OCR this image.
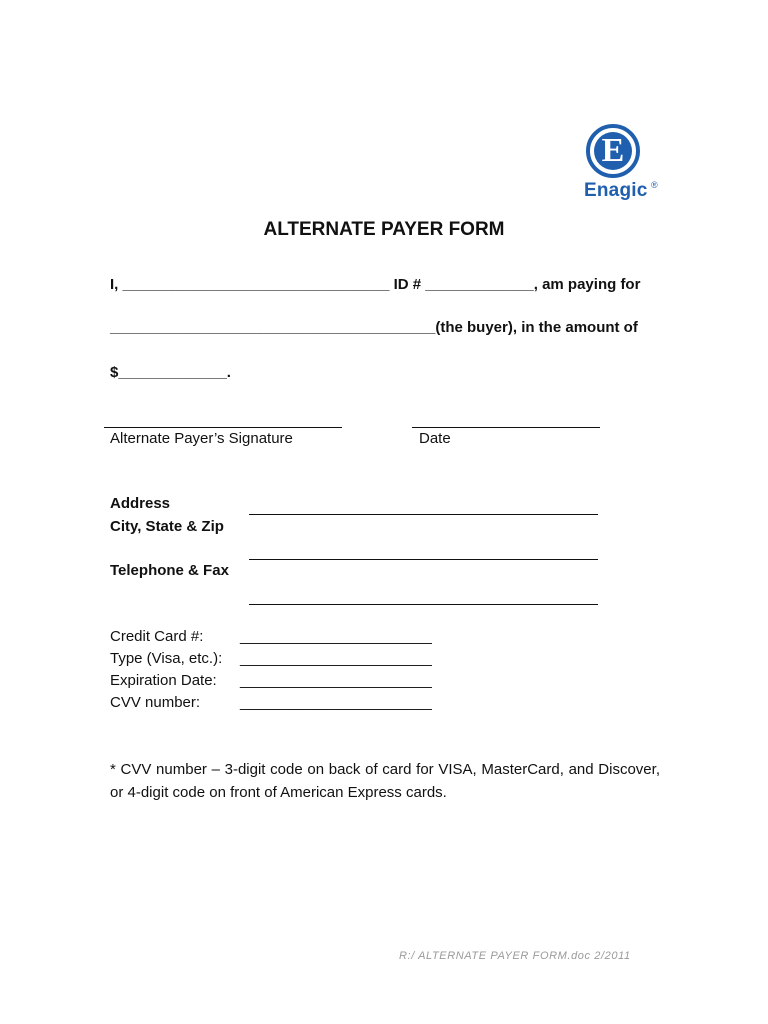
E
Enagic ®
ALTERNATE PAYER FORM
I, ________________________________ ID # _____________, am paying for
_______________________________________(the buyer), in the amount of
$_____________.
Alternate Payer’s Signature	Date
Address
City, State & Zip
Telephone & Fax
Credit Card #: _______________________
Type (Visa, etc.): _______________________
Expiration Date: _______________________
CVV number:	_______________________
* CVV number – 3-digit code on back of card for VISA, MasterCard, and Discover, or 4-digit code on front of American Express cards.
R:/ ALTERNATE PAYER FORM.doc 2/2011
